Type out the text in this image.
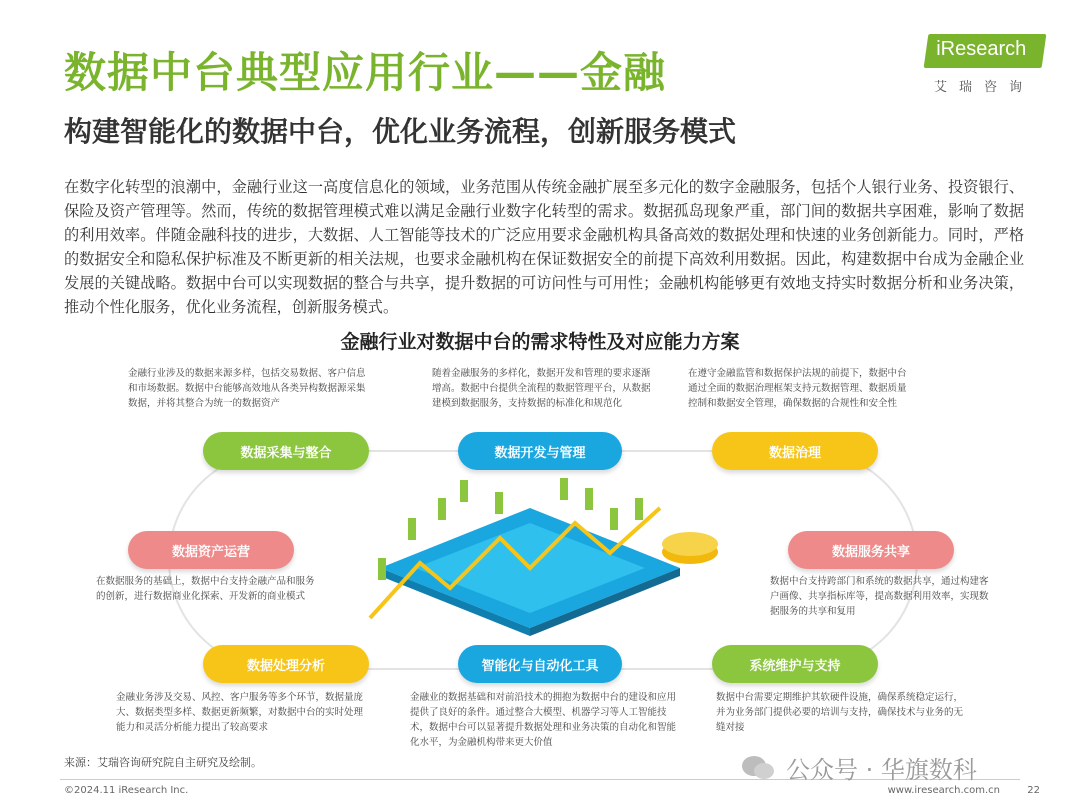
数据中台典型应用行业——金融
构建智能化的数据中台，优化业务流程，创新服务模式
iResearch
艾瑞咨询
在数字化转型的浪潮中，金融行业这一高度信息化的领域，业务范围从传统金融扩展至多元化的数字金融服务，包括个人银行业务、投资银行、保险及资产管理等。然而，传统的数据管理模式难以满足金融行业数字化转型的需求。数据孤岛现象严重，部门间的数据共享困难，影响了数据的利用效率。伴随金融科技的进步，大数据、人工智能等技术的广泛应用要求金融机构具备高效的数据处理和快速的业务创新能力。同时，严格的数据安全和隐私保护标准及不断更新的相关法规，也要求金融机构在保证数据安全的前提下高效利用数据。因此，构建数据中台成为金融企业发展的关键战略。数据中台可以实现数据的整合与共享，提升数据的可访问性与可用性；金融机构能够更有效地支持实时数据分析和业务决策，推动个性化服务，优化业务流程，创新服务模式。
金融行业对数据中台的需求特性及对应能力方案
金融行业涉及的数据来源多样，包括交易数据、客户信息和市场数据。数据中台能够高效地从各类异构数据源采集数据，并将其整合为统一的数据资产
数据采集与整合
随着金融服务的多样化，数据开发和管理的要求逐渐增高。数据中台提供全流程的数据管理平台，从数据建模到数据服务，支持数据的标准化和规范化
数据开发与管理
在遵守金融监管和数据保护法规的前提下，数据中台通过全面的数据治理框架支持元数据管理、数据质量控制和数据安全管理，确保数据的合规性和安全性
数据治理
数据资产运营
在数据服务的基础上，数据中台支持金融产品和服务的创新，进行数据商业化探索、开发新的商业模式
数据服务共享
数据中台支持跨部门和系统的数据共享，通过构建客户画像、共享指标库等，提高数据利用效率，实现数据服务的共享和复用
数据处理分析
金融业务涉及交易、风控、客户服务等多个环节，数据量庞大、数据类型多样、数据更新频繁，对数据中台的实时处理能力和灵活分析能力提出了较高要求
智能化与自动化工具
金融业的数据基础和对前沿技术的拥抱为数据中台的建设和应用提供了良好的条件。通过整合大模型、机器学习等人工智能技术，数据中台可以显著提升数据处理和业务决策的自动化和智能化水平，为金融机构带来更大价值
系统维护与支持
数据中台需要定期维护其软硬件设施，确保系统稳定运行，并为业务部门提供必要的培训与支持，确保技术与业务的无缝对接
来源：艾瑞咨询研究院自主研究及绘制。
©2024.11 iResearch Inc.	www.iresearch.com.cn	22
公众号 · 华旗数科
